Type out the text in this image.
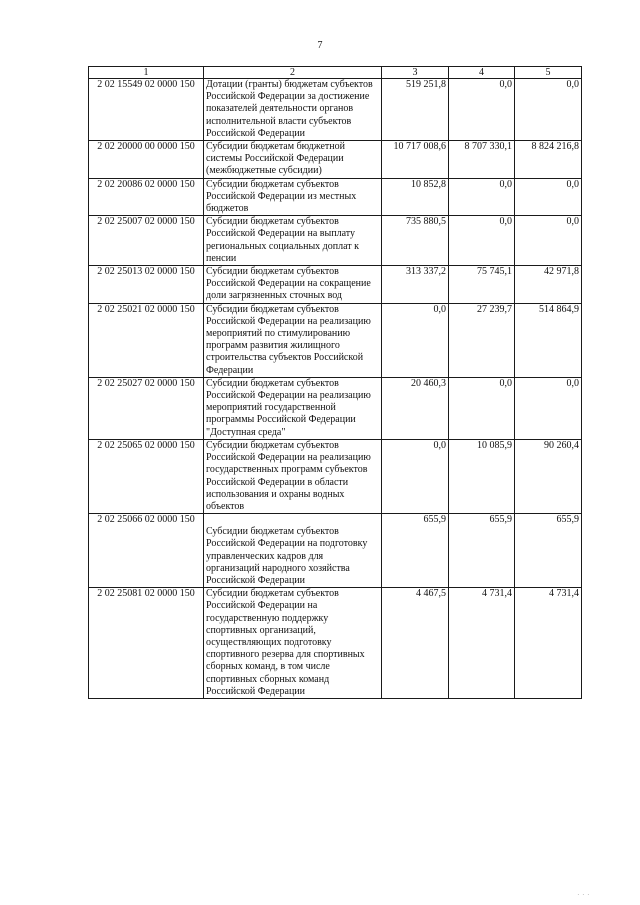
7
1	2	3	4	5
2 02 15549 02 0000 150	Дотации (гранты) бюджетам субъектов Российской Федерации за достижение показателей деятельности органов исполнительной власти субъектов Российской Федерации	519 251,8	0,0	0,0
2 02 20000 00 0000 150	Субсидии бюджетам бюджетной системы Российской Федерации (межбюджетные субсидии)	10 717 008,6	8 707 330,1	8 824 216,8
2 02 20086 02 0000 150	Субсидии бюджетам субъектов Российской Федерации из местных бюджетов	10 852,8	0,0	0,0
2 02 25007 02 0000 150	Субсидии бюджетам субъектов Российской Федерации на выплату региональных социальных доплат к пенсии	735 880,5	0,0	0,0
2 02 25013 02 0000 150	Субсидии бюджетам субъектов Российской Федерации на сокращение доли загрязненных сточных вод	313 337,2	75 745,1	42 971,8
2 02 25021 02 0000 150	Субсидии бюджетам субъектов Российской Федерации на реализацию мероприятий по стимулированию программ развития жилищного строительства субъектов Российской Федерации	0,0	27 239,7	514 864,9
2 02 25027 02 0000 150	Субсидии бюджетам субъектов Российской Федерации на реализацию мероприятий государственной программы Российской Федерации "Доступная среда"	20 460,3	0,0	0,0
2 02 25065 02 0000 150	Субсидии бюджетам субъектов Российской Федерации на реализацию государственных программ субъектов Российской Федерации в области использования и охраны водных объектов	0,0	10 085,9	90 260,4
2 02 25066 02 0000 150	Субсидии бюджетам субъектов Российской Федерации на подготовку управленческих кадров для организаций народного хозяйства Российской Федерации	655,9	655,9	655,9
2 02 25081 02 0000 150	Субсидии бюджетам субъектов Российской Федерации на государственную поддержку спортивных организаций, осуществляющих подготовку спортивного резерва для спортивных сборных команд, в том числе спортивных сборных команд Российской Федерации	4 467,5	4 731,4	4 731,4
. . .
